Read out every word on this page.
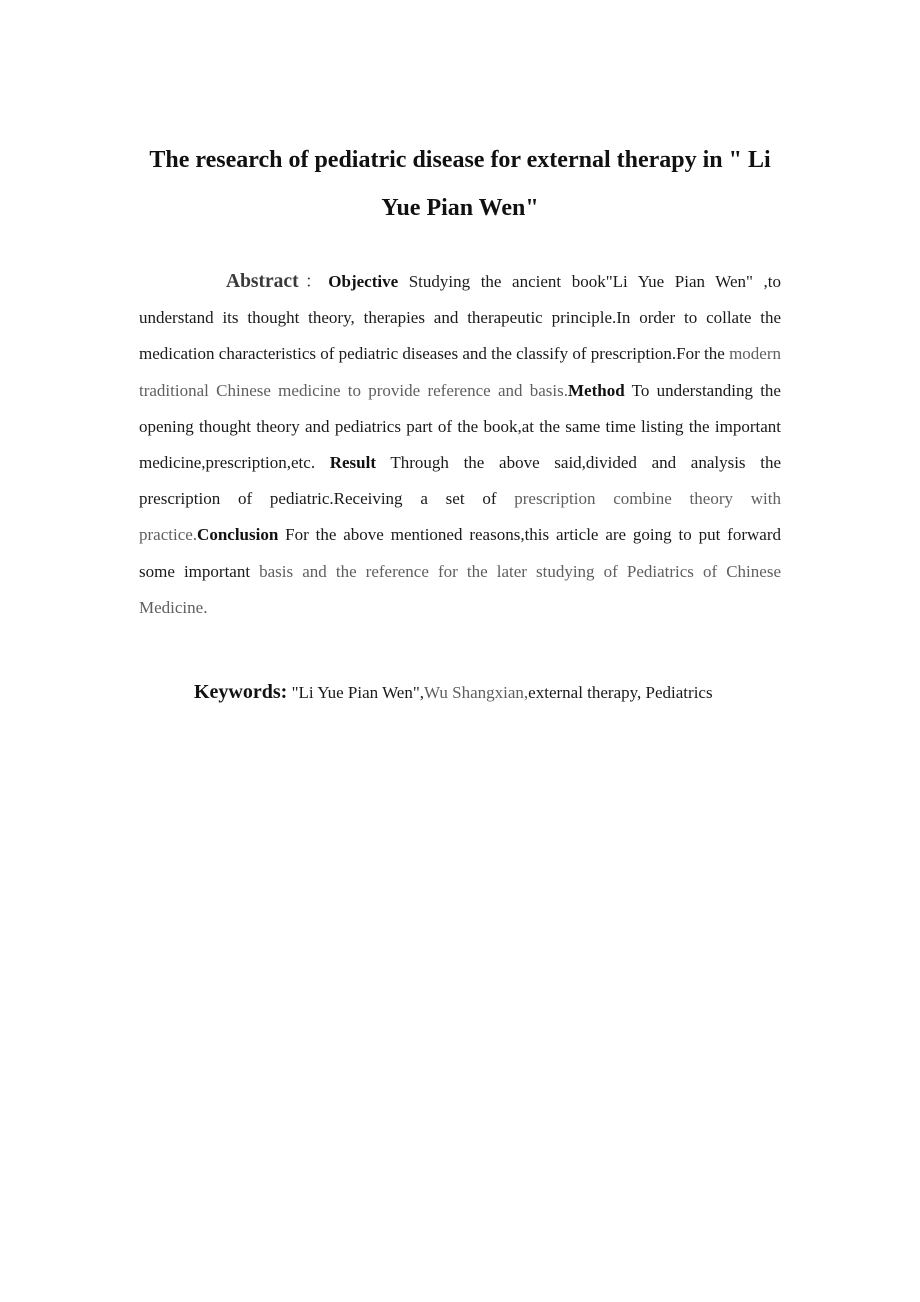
The research of pediatric disease for external therapy in " Li Yue Pian Wen"

Abstract：Objective Studying the ancient book"Li Yue Pian Wen" ,to understand its thought theory, therapies and therapeutic principle.In order to collate the medication characteristics of pediatric diseases and the classify of prescription.For the modern traditional Chinese medicine to provide reference and basis.Method To understanding the opening thought theory and pediatrics part of the book,at the same time listing the important medicine,prescription,etc. Result Through the above said,divided and analysis the prescription of pediatric.Receiving a set of prescription combine theory with practice.Conclusion For the above mentioned reasons,this article are going to put forward some important basis and the reference for the later studying of Pediatrics of Chinese Medicine.

Keywords: "Li Yue Pian Wen",Wu Shangxian,external therapy, Pediatrics
